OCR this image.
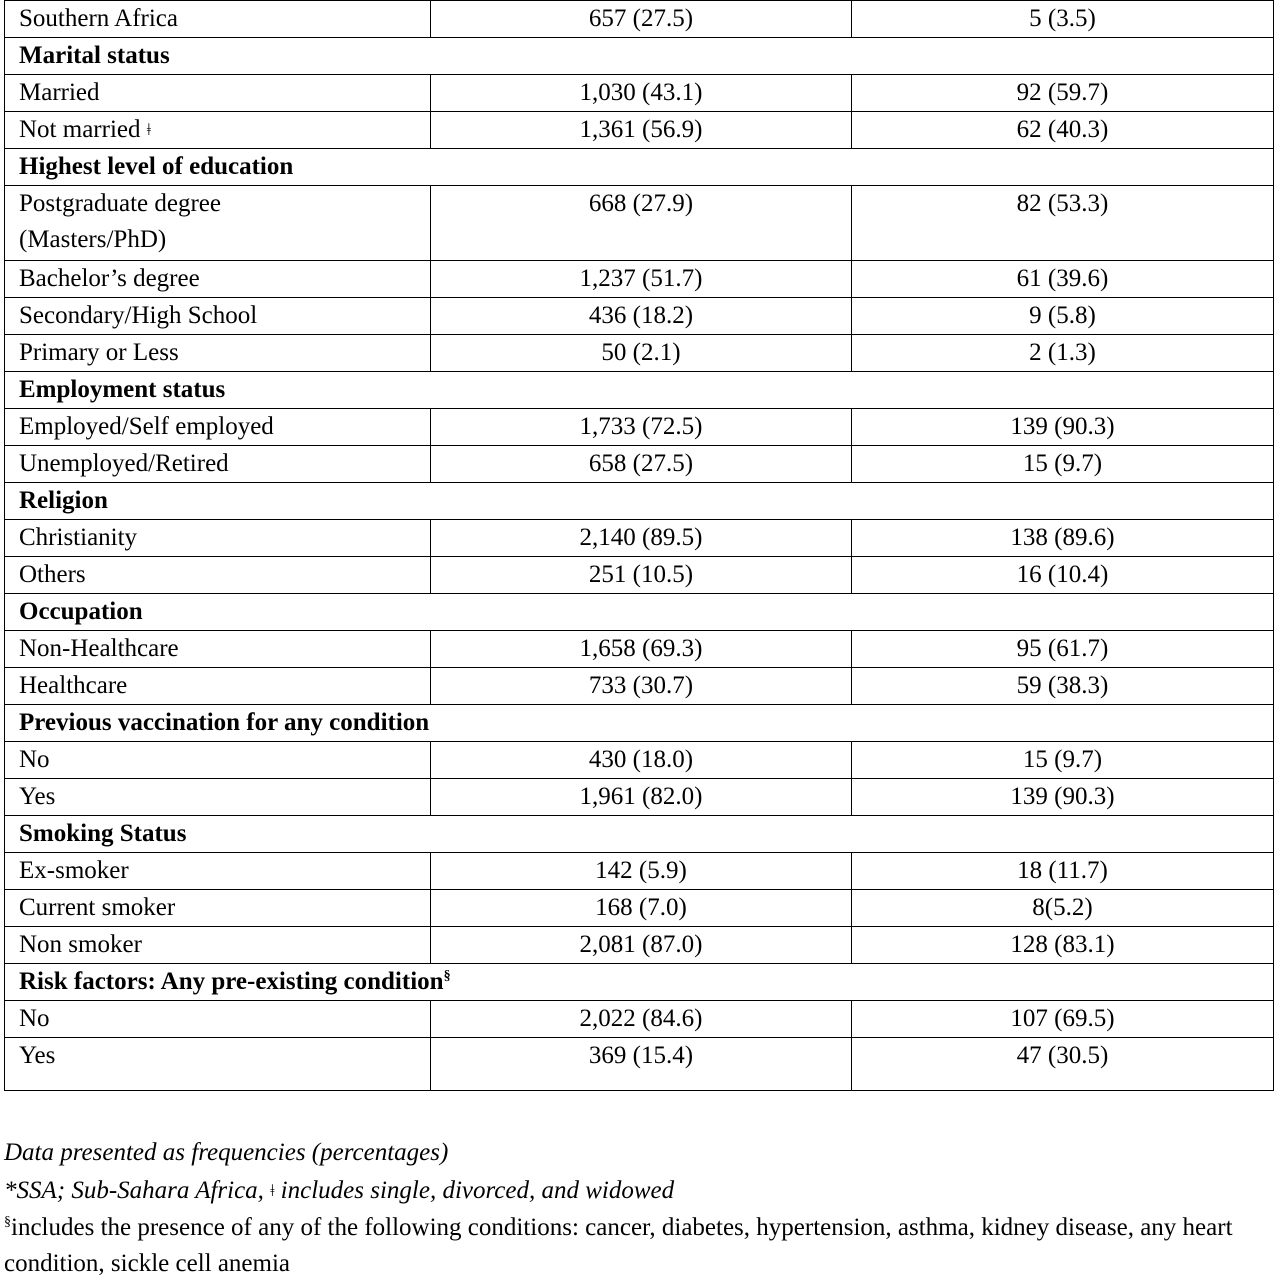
Southern Africa	657 (27.5)	5 (3.5)
Marital status		
Married	1,030 (43.1)	92 (59.7)
Not married ǂ	1,361 (56.9)	62 (40.3)
Highest level of education		
Postgraduate degree
(Masters/PhD)	668 (27.9)	82 (53.3)
Bachelor’s degree	1,237 (51.7)	61 (39.6)
Secondary/High School	436 (18.2)	9 (5.8)
Primary or Less	50 (2.1)	2 (1.3)
Employment status		
Employed/Self employed	1,733 (72.5)	139 (90.3)
Unemployed/Retired	658 (27.5)	15 (9.7)
Religion		
Christianity	2,140 (89.5)	138 (89.6)
Others	251 (10.5)	16 (10.4)
Occupation		
Non-Healthcare	1,658 (69.3)	95 (61.7)
Healthcare	733 (30.7)	59 (38.3)
Previous vaccination for any condition		
No	430 (18.0)	15 (9.7)
Yes	1,961 (82.0)	139 (90.3)
Smoking Status		
Ex-smoker	142 (5.9)	18 (11.7)
Current smoker	168 (7.0)	8(5.2)
Non smoker	2,081 (87.0)	128 (83.1)
Risk factors: Any pre-existing condition§
No	2,022 (84.6)	107 (69.5)
Yes	369 (15.4)	47 (30.5)
Data presented as frequencies (percentages)
*SSA; Sub-Sahara Africa, ǂ includes single, divorced, and widowed
§includes the presence of any of the following conditions: cancer, diabetes, hypertension, asthma, kidney disease, any heart condition, sickle cell anemia
